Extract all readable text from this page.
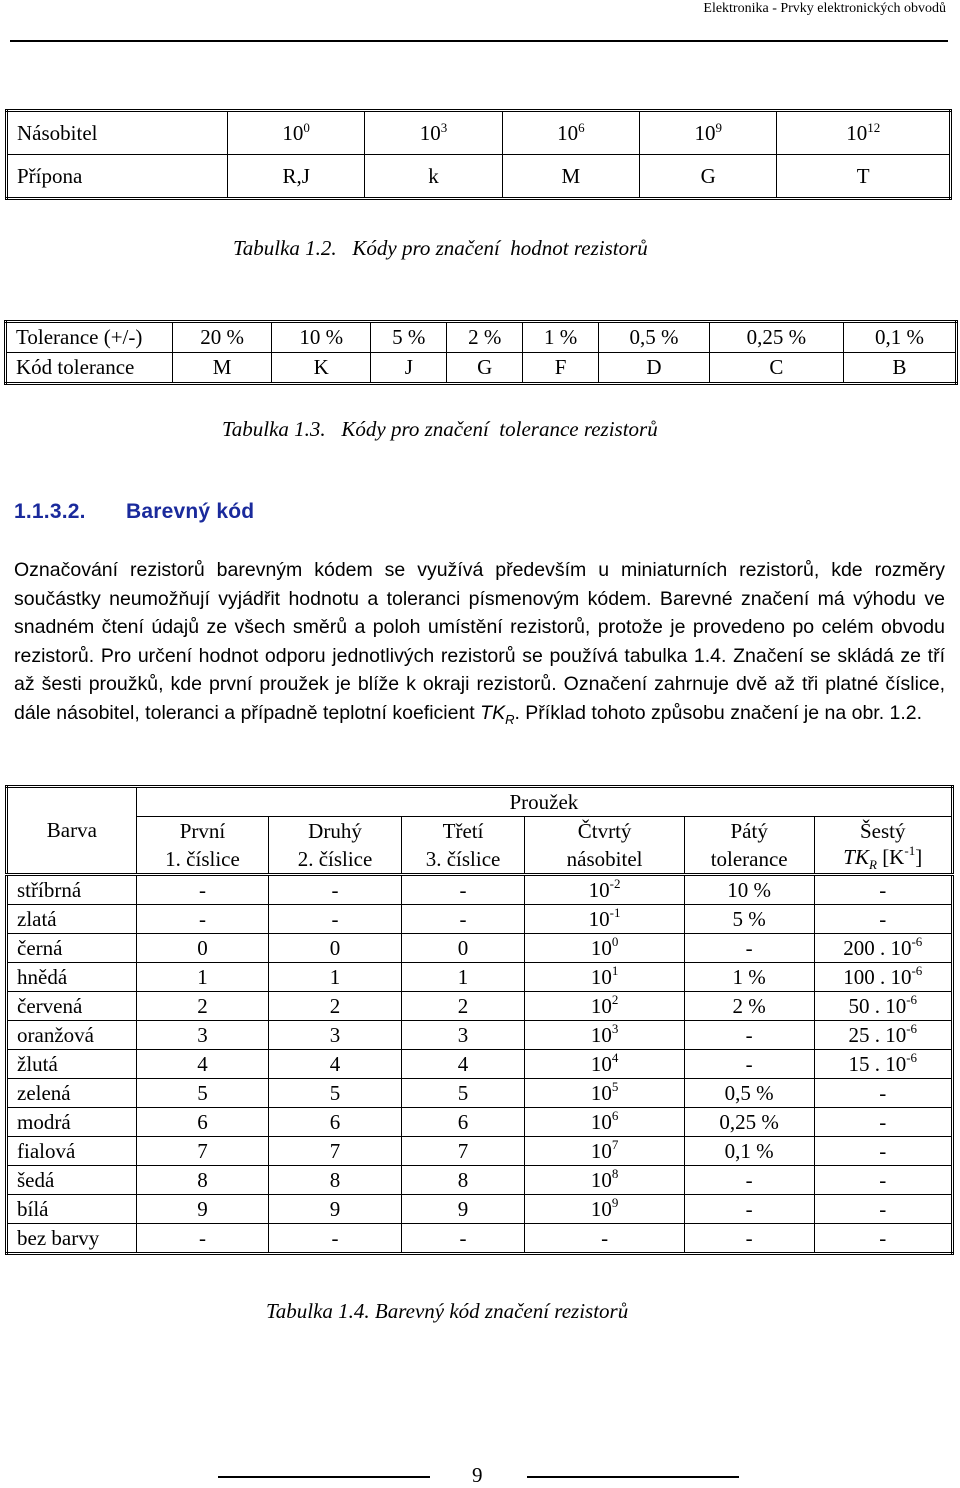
Elektronika - Prvky elektronických obvodů
Násobitel	$10^0$	$10^3$	$10^6$	$10^9$	$10^{12}$
Přípona	R,J	k	M	G	T
Tabulka 1.2.   Kódy pro značení  hodnot rezistorů
Tolerance (+/-)	20 %	10 %	5 %	2 %	1 %	0,5 %	0,25 %	0,1 %
Kód tolerance	M	K	J	G	F	D	C	B
Tabulka 1.3.   Kódy pro značení  tolerance rezistorů
1.1.3.2. Barevný kód
Označování rezistorů barevným kódem se využívá především u miniaturních rezistorů, kde rozměry součástky neumožňují vyjádřit hodnotu a toleranci písmenovým kódem. Barevné značení má výhodu ve snadném čtení údajů ze všech směrů a poloh umístění rezistorů, protože je provedeno po celém obvodu rezistorů. Pro určení hodnot odporu jednotlivých rezistorů se používá tabulka 1.4. Značení se skládá ze tří až šesti proužků, kde první proužek je blíže k okraji rezistorů. Označení zahrnuje dvě až tři platné číslice, dále násobitel, toleranci a případně teplotní koeficient $TK_R$. Příklad tohoto způsobu značení je na obr. 1.2.
	Proužek					
Barva	První	Druhý	Třetí	Čtvrtý	Pátý	Šestý
	1. číslice	2. číslice	3. číslice	násobitel	tolerance	$TK_R$ $[K^{-1}]$
stříbrná	-	-	-	$10^{-2}$	10 %	-
zlatá	-	-	-	$10^{-1}$	5 %	-
černá	0	0	0	$10^0$	-	200 . $10^{-6}$
hnědá	1	1	1	$10^1$	1 %	100 . $10^{-6}$
červená	2	2	2	$10^2$	2 %	50 . $10^{-6}$
oranžová	3	3	3	$10^3$	-	25 . $10^{-6}$
žlutá	4	4	4	$10^4$	-	15 . $10^{-6}$
zelená	5	5	5	$10^5$	0,5 %	-
modrá	6	6	6	$10^6$	0,25 %	-
fialová	7	7	7	$10^7$	0,1 %	-
šedá	8	8	8	$10^8$	-	-
bílá	9	9	9	$10^9$	-	-
bez barvy	-	-	-	-	-	-
Tabulka 1.4. Barevný kód značení rezistorů
9
